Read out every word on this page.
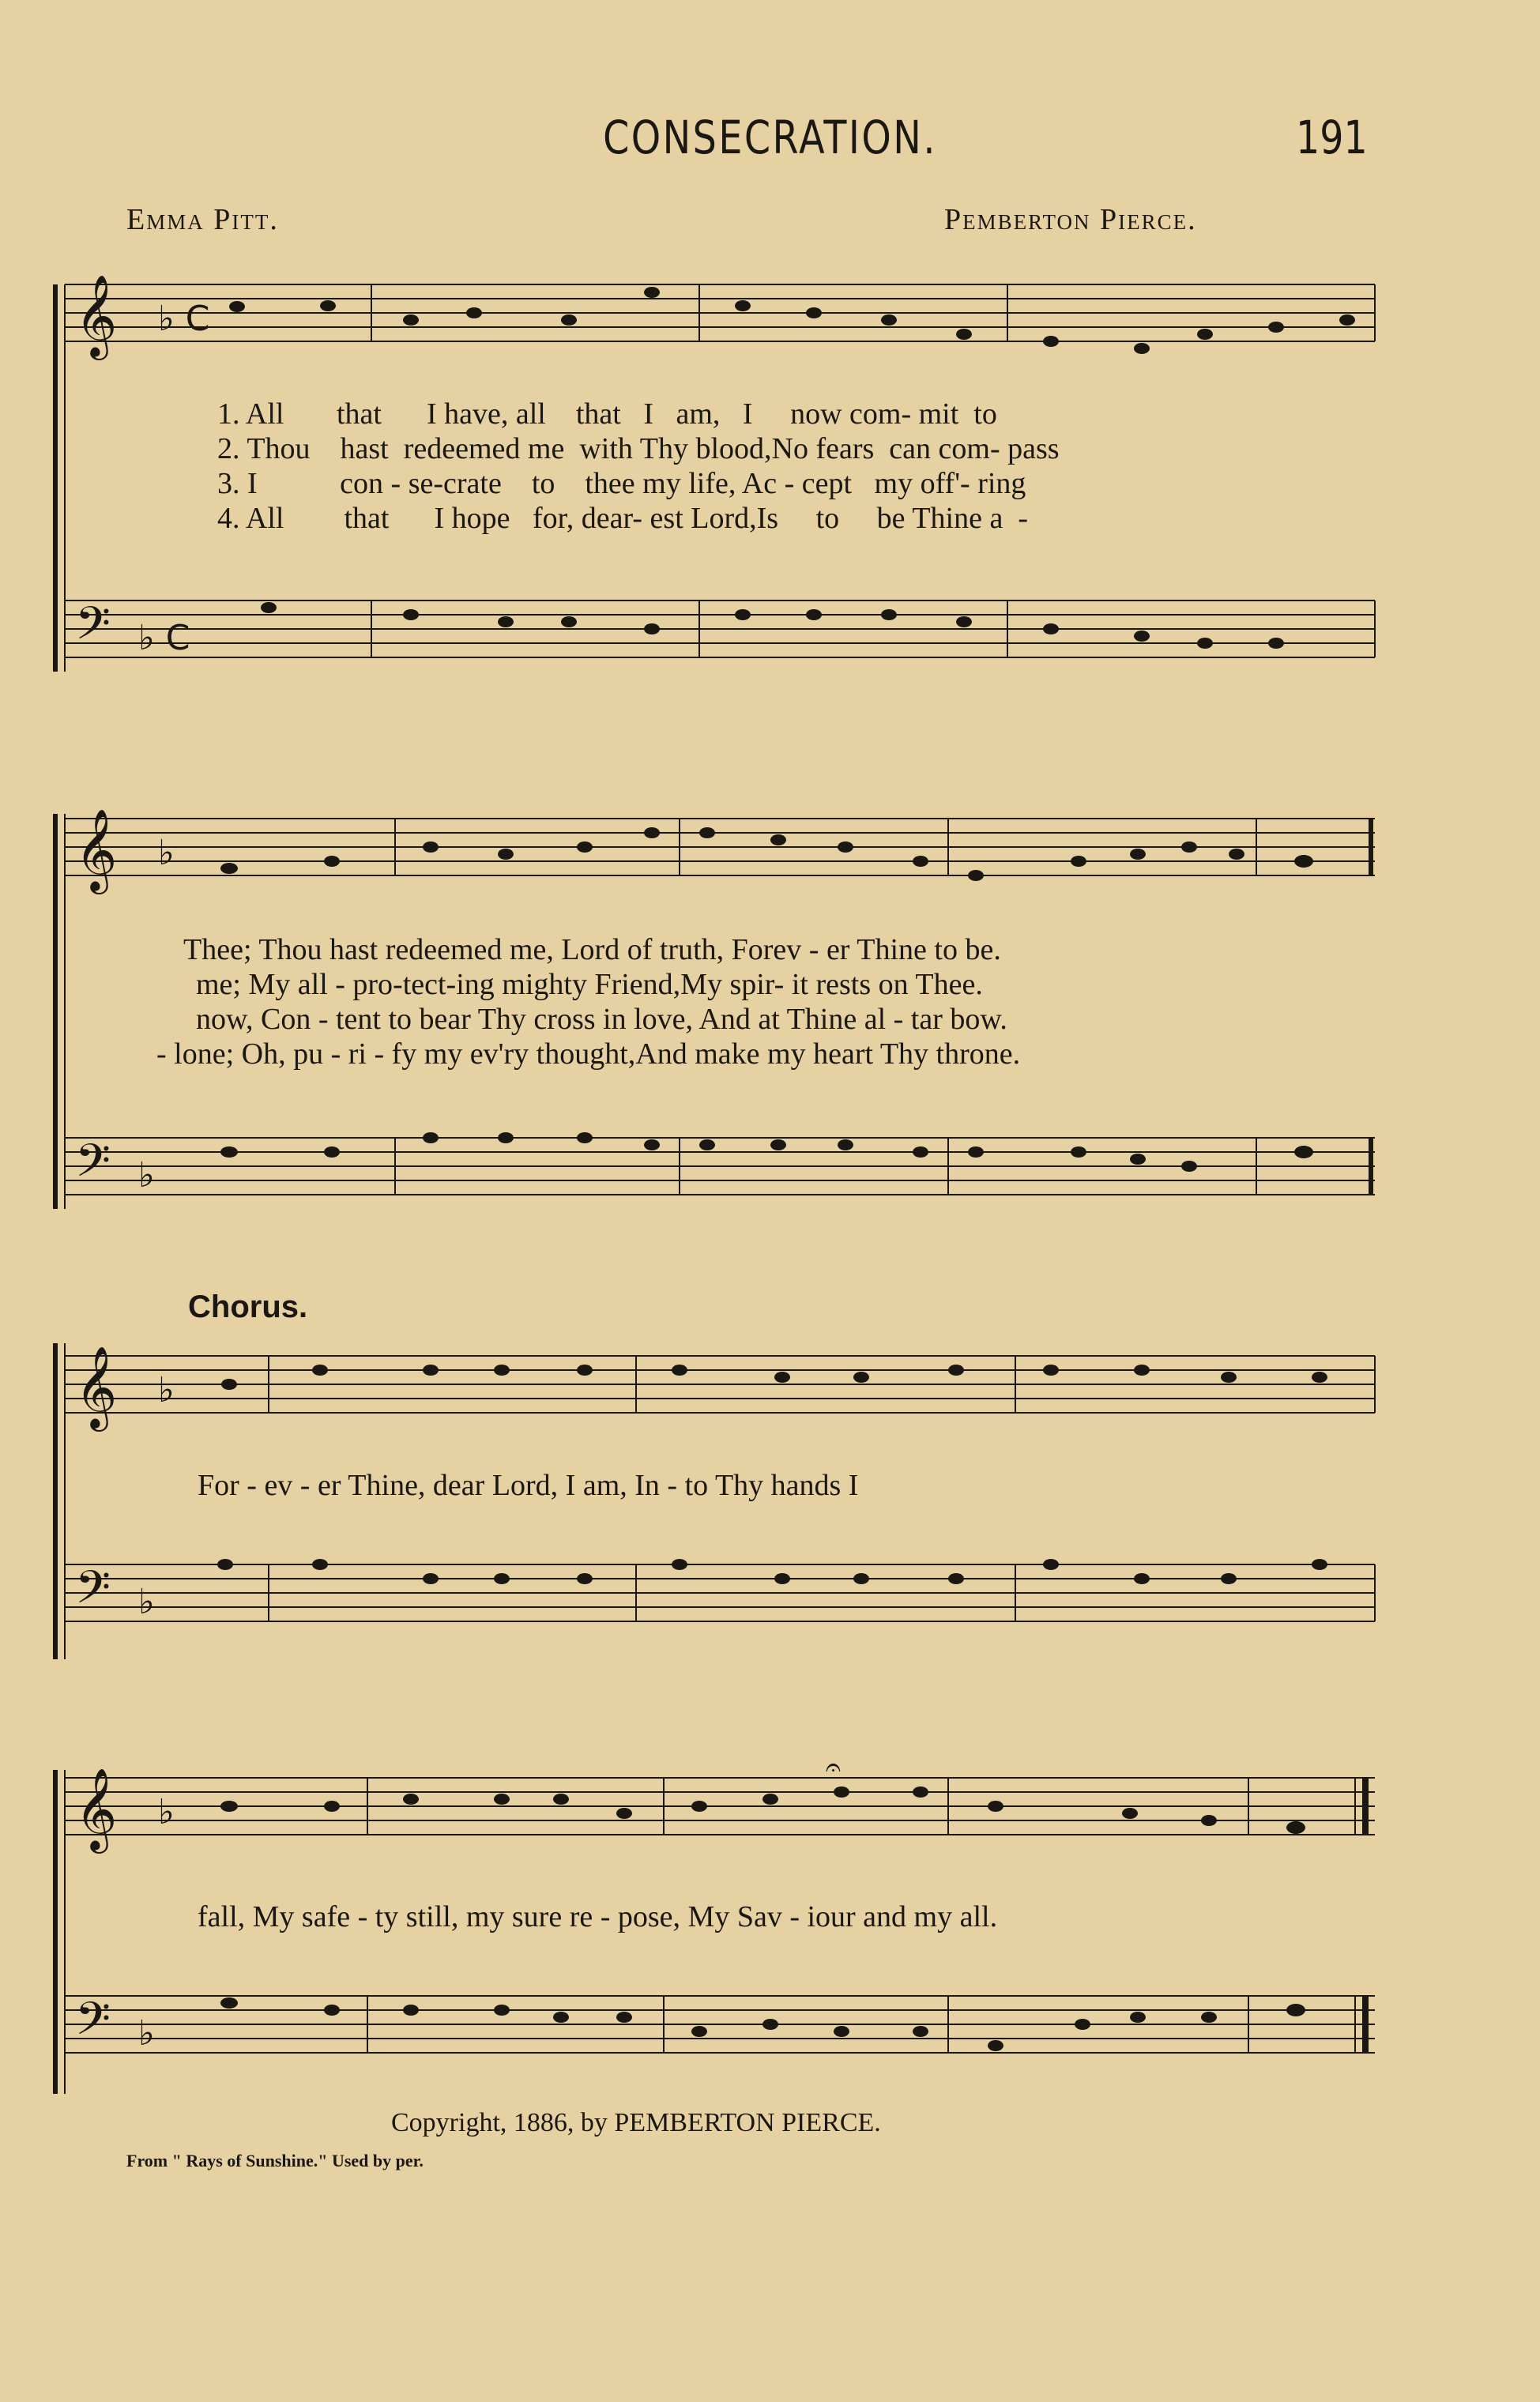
CONSECRATION.	191
Emma Pitt.	Pemberton Pierce.
𝄞 ♭ C
𝄢 ♭ C
1. All that I have, all that I am, I now com- mit to
2. Thou hast redeemed me with Thy blood,No fears can com- pass
3. I	con - se-crate to thee my life, Ac - cept my off'- ring
4. All that I hope for, dear- est Lord,Is to be Thine a -
𝄞 ♭
𝄢 ♭
Thee; Thou hast redeemed me, Lord of truth, Forev - er Thine to be.
me; My all - pro-tect-ing mighty Friend,My spir- it rests on Thee.
now, Con - tent to bear Thy cross in love, And at Thine al - tar bow.
- lone; Oh, pu - ri - fy my ev'ry thought,And make my heart Thy throne.
Chorus.
𝄞 ♭
𝄢 ♭
For - ev - er Thine, dear Lord, I am, In - to Thy hands I
𝄞 ♭
𝄐
𝄢 ♭
fall, My safe - ty still, my sure re - pose, My Sav - iour and my all.
Copyright, 1886, by PEMBERTON PIERCE.
From " Rays of Sunshine." Used by per.
